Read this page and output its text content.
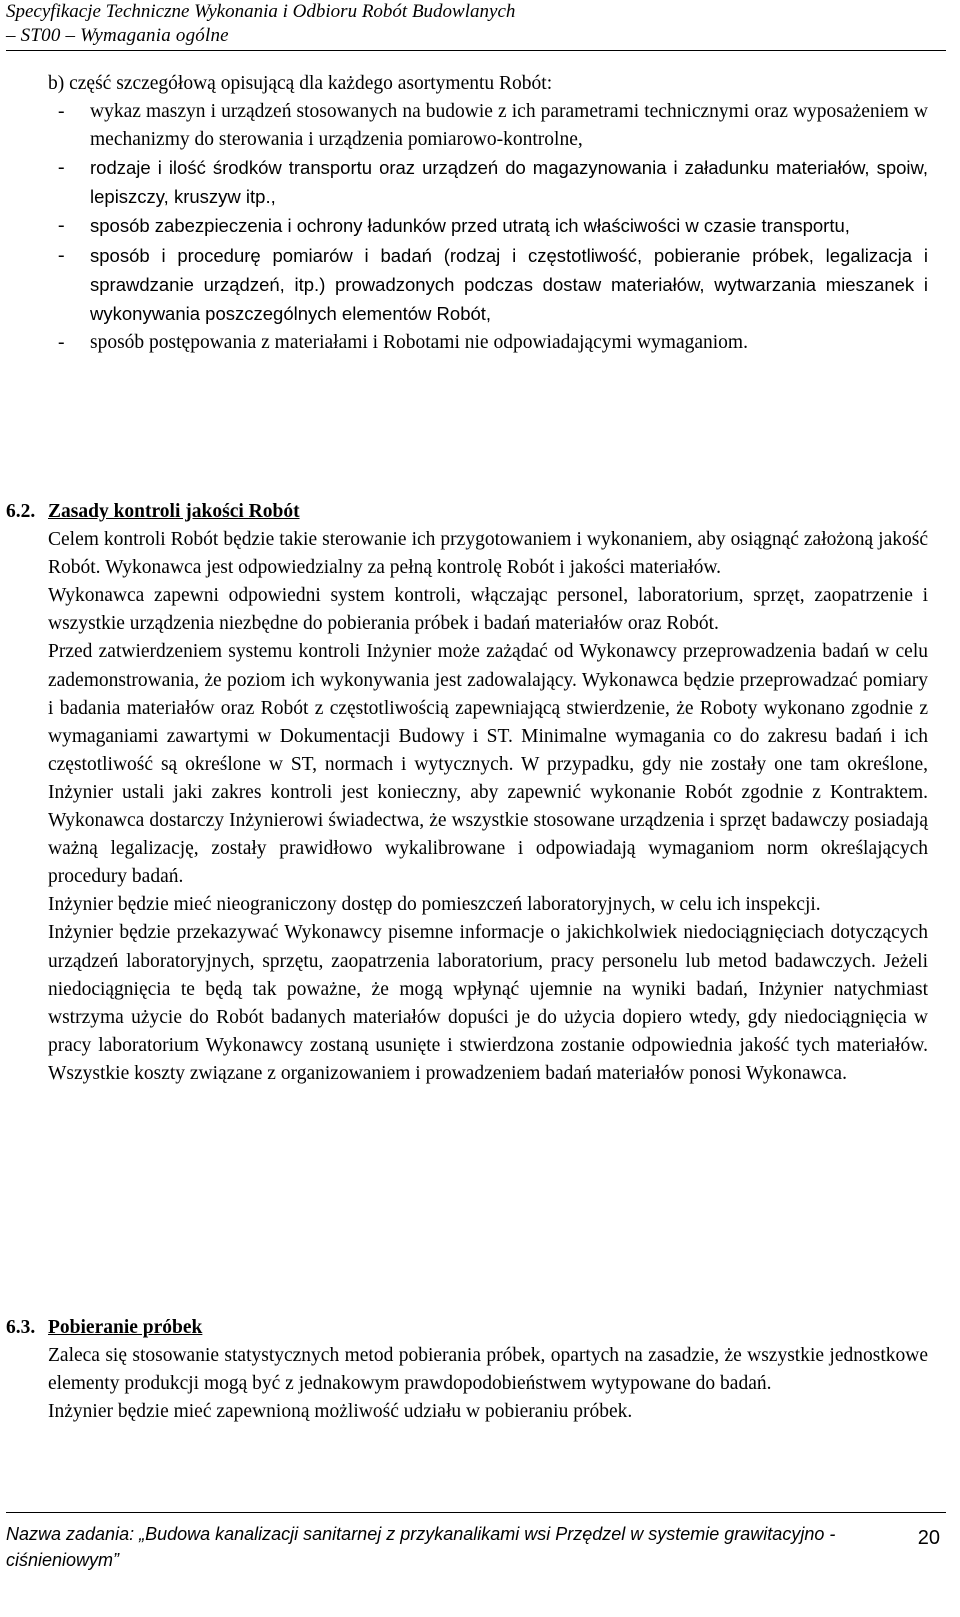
Specyfikacje Techniczne Wykonania i Odbioru Robót Budowlanych
– ST00 – Wymagania ogólne

b) część szczegółową opisującą dla każdego asortymentu Robót:

- wykaz maszyn i urządzeń stosowanych na budowie z ich parametrami technicznymi oraz wyposażeniem w mechanizmy do sterowania i urządzenia pomiarowo-kontrolne,
- rodzaje i ilość środków transportu oraz urządzeń do magazynowania i załadunku materiałów, spoiw, lepiszczy, kruszyw itp.,
- sposób zabezpieczenia i ochrony ładunków przed utratą ich właściwości w czasie transportu,
- sposób i procedurę pomiarów i badań (rodzaj i częstotliwość, pobieranie próbek, legalizacja i sprawdzanie urządzeń, itp.) prowadzonych podczas dostaw materiałów, wytwarzania mieszanek i wykonywania poszczególnych elementów Robót,
- sposób postępowania z materiałami i Robotami nie odpowiadającymi wymaganiom.
6.2. Zasady kontroli jakości Robót

Celem kontroli Robót będzie takie sterowanie ich przygotowaniem i wykonaniem, aby osiągnąć założoną jakość Robót. Wykonawca jest odpowiedzialny za pełną kontrolę Robót i jakości materiałów.

Wykonawca zapewni odpowiedni system kontroli, włączając personel, laboratorium, sprzęt, zaopatrzenie i wszystkie urządzenia niezbędne do pobierania próbek i badań materiałów oraz Robót.

Przed zatwierdzeniem systemu kontroli Inżynier może zażądać od Wykonawcy przeprowadzenia badań w celu zademonstrowania, że poziom ich wykonywania jest zadowalający. Wykonawca będzie przeprowadzać pomiary i badania materiałów oraz Robót z częstotliwością zapewniającą stwierdzenie, że Roboty wykonano zgodnie z wymaganiami zawartymi w Dokumentacji Budowy i ST. Minimalne wymagania co do zakresu badań i ich częstotliwość są określone w ST, normach i wytycznych. W przypadku, gdy nie zostały one tam określone, Inżynier ustali jaki zakres kontroli jest konieczny, aby zapewnić wykonanie Robót zgodnie z Kontraktem. Wykonawca dostarczy Inżynierowi świadectwa, że wszystkie stosowane urządzenia i sprzęt badawczy posiadają ważną legalizację, zostały prawidłowo wykalibrowane i odpowiadają wymaganiom norm określających procedury badań.

Inżynier będzie mieć nieograniczony dostęp do pomieszczeń laboratoryjnych, w celu ich inspekcji.

Inżynier będzie przekazywać Wykonawcy pisemne informacje o jakichkolwiek niedociągnięciach dotyczących urządzeń laboratoryjnych, sprzętu, zaopatrzenia laboratorium, pracy personelu lub metod badawczych. Jeżeli niedociągnięcia te będą tak poważne, że mogą wpłynąć ujemnie na wyniki badań, Inżynier natychmiast wstrzyma użycie do Robót badanych materiałów dopuści je do użycia dopiero wtedy, gdy niedociągnięcia w pracy laboratorium Wykonawcy zostaną usunięte i stwierdzona zostanie odpowiednia jakość tych materiałów. Wszystkie koszty związane z organizowaniem i prowadzeniem badań materiałów ponosi Wykonawca.

6.3. Pobieranie próbek

Zaleca się stosowanie statystycznych metod pobierania próbek, opartych na zasadzie, że wszystkie jednostkowe elementy produkcji mogą być z jednakowym prawdopodobieństwem wytypowane do badań.

Inżynier będzie mieć zapewnioną możliwość udziału w pobieraniu próbek.

Nazwa zadania: „Budowa kanalizacji sanitarnej z przykanalikami wsi Przędzel w systemie grawitacyjno - ciśnieniowym”
20
